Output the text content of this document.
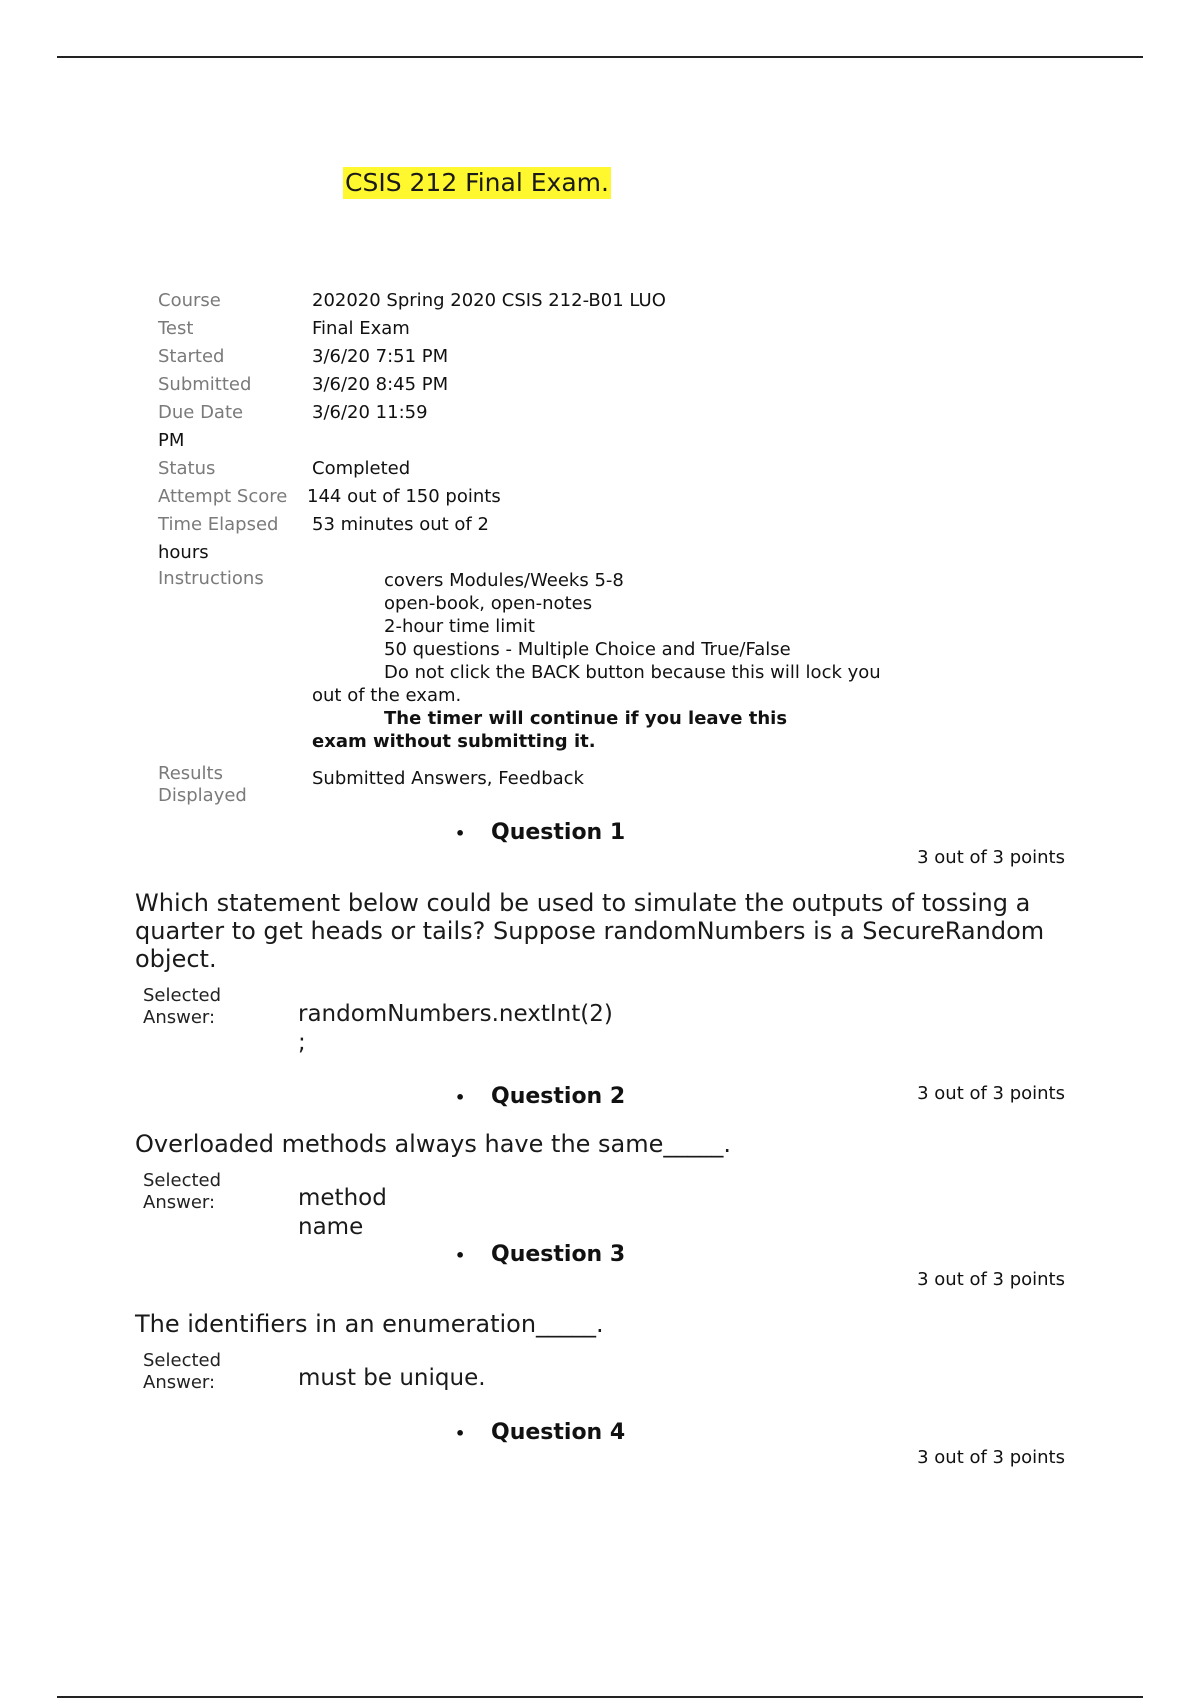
CSIS 212 Final Exam.
Course	202020 Spring 2020 CSIS 212-B01 LUO
Test	Final Exam
Started	3/6/20 7:51 PM
Submitted	3/6/20 8:45 PM
Due Date	3/6/20 11:59
PM
Status	Completed
Attempt Score 144 out of 150 points
Time Elapsed 53 minutes out of 2
hours
Instructions	covers Modules/Weeks 5-8
open-book, open-notes
2-hour time limit
50 questions - Multiple Choice and True/False
Do not click the BACK button because this will lock you
out of the exam.
The timer will continue if you leave this
exam without submitting it.
Results Displayed
Submitted Answers, Feedback
• Question 1
3 out of 3 points
Which statement below could be used to simulate the outputs of tossing a quarter to get heads or tails? Suppose randomNumbers is a SecureRandom object.
Selected Answer:	randomNumbers.nextInt(2)
;
• Question 2	3 out of 3 points
Overloaded methods always have the same_____.
Selected Answer:	method
name
• Question 3
3 out of 3 points
The identifiers in an enumeration_____.
Selected Answer:	must be unique.
• Question 4
3 out of 3 points
